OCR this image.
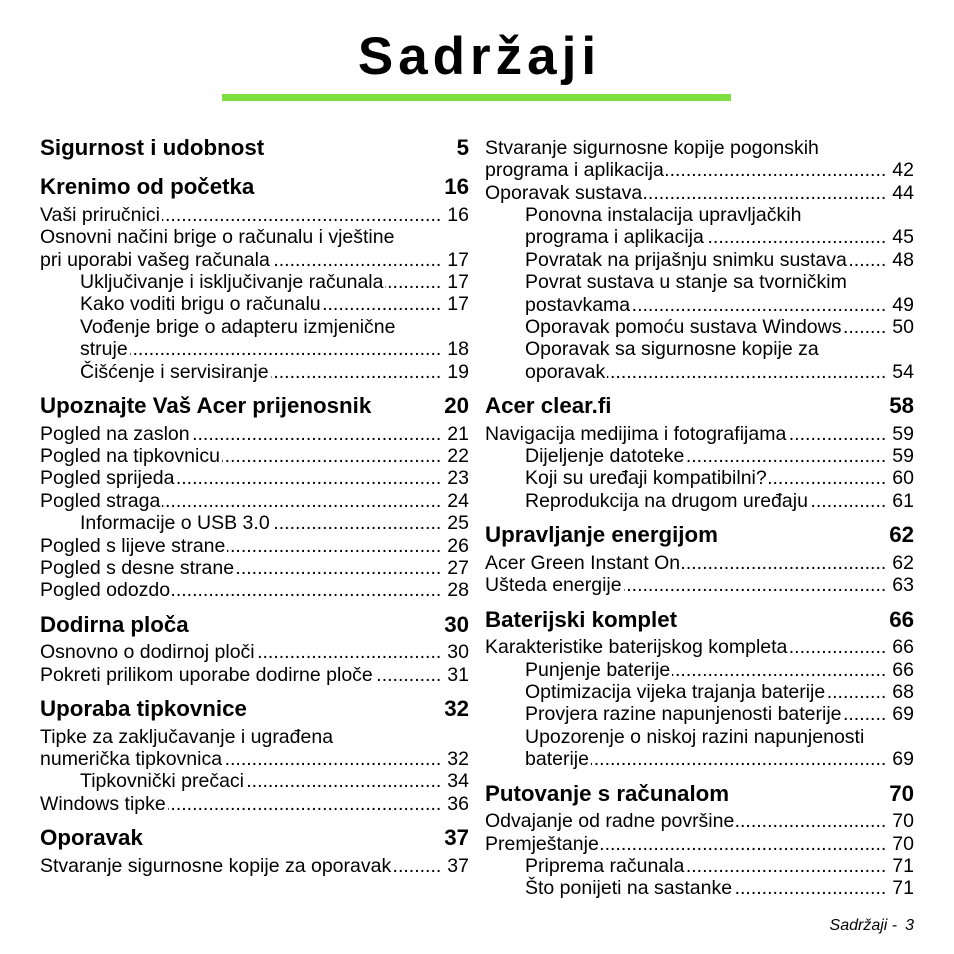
Sadržaji
Sigurnost i udobnost	5
Krenimo od početka	16
Vaši priručnici .....	16
Osnovni načini brige o računalu i vještine
pri uporabi vašeg računala .....	17
Uključivanje i isključivanje računala .....	17
Kako voditi brigu o računalu .....	17
Vođenje brige o adapteru izmjenične
struje .....	18
Čišćenje i servisiranje .....	19
Upoznajte Vaš Acer prijenosnik	20
Pogled na zaslon .....	21
Pogled na tipkovnicu .....	22
Pogled sprijeda .....	23
Pogled straga .....	24
Informacije o USB 3.0 .....	25
Pogled s lijeve strane .....	26
Pogled s desne strane .....	27
Pogled odozdo .....	28
Dodirna ploča	30
Osnovno o dodirnoj ploči .....	30
Pokreti prilikom uporabe dodirne ploče .....	31
Uporaba tipkovnice	32
Tipke za zaključavanje i ugrađena
numerička tipkovnica .....	32
Tipkovnički prečaci .....	34
Windows tipke .....	36
Oporavak	37
Stvaranje sigurnosne kopije za oporavak .....	37
Stvaranje sigurnosne kopije pogonskih
programa i aplikacija .....	42
Oporavak sustava .....	44
Ponovna instalacija upravljačkih
programa i aplikacija .....	45
Povratak na prijašnju snimku sustava .....	48
Povrat sustava u stanje sa tvorničkim
postavkama .....	49
Oporavak pomoću sustava Windows .....	50
Oporavak sa sigurnosne kopije za
oporavak .....	54
Acer clear.fi	58
Navigacija medijima i fotografijama .....	59
Dijeljenje datoteke .....	59
Koji su uređaji kompatibilni? .....	60
Reprodukcija na drugom uređaju .....	61
Upravljanje energijom	62
Acer Green Instant On .....	62
Ušteda energije .....	63
Baterijski komplet	66
Karakteristike baterijskog kompleta .....	66
Punjenje baterije .....	66
Optimizacija vijeka trajanja baterije .....	68
Provjera razine napunjenosti baterije .....	69
Upozorenje o niskoj razini napunjenosti
baterije .....	69
Putovanje s računalom	70
Odvajanje od radne površine .....	70
Premještanje .....	70
Priprema računala .....	71
Što ponijeti na sastanke .....	71
Sadržaji - 3
